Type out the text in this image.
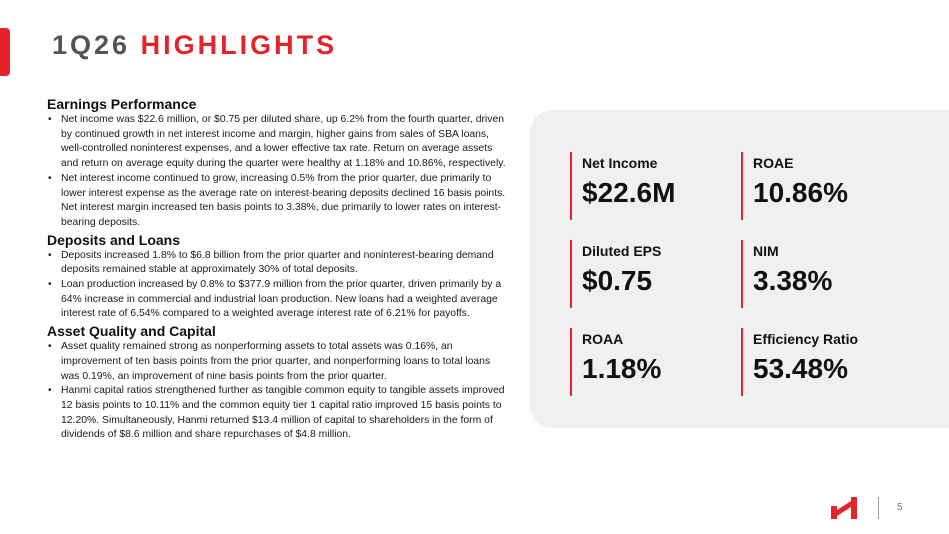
1Q26 HIGHLIGHTS
Earnings Performance
• Net income was $22.6 million, or $0.75 per diluted share, up 6.2% from the fourth quarter, driven by continued growth in net interest income and margin, higher gains from sales of SBA loans, well-controlled noninterest expenses, and a lower effective tax rate. Return on average assets and return on average equity during the quarter were healthy at 1.18% and 10.86%, respectively.
• Net interest income continued to grow, increasing 0.5% from the prior quarter, due primarily to lower interest expense as the average rate on interest-bearing deposits declined 16 basis points. Net interest margin increased ten basis points to 3.38%, due primarily to lower rates on interest-bearing deposits.
Deposits and Loans
• Deposits increased 1.8% to $6.8 billion from the prior quarter and noninterest-bearing demand deposits remained stable at approximately 30% of total deposits.
• Loan production increased by 0.8% to $377.9 million from the prior quarter, driven primarily by a 64% increase in commercial and industrial loan production. New loans had a weighted average interest rate of 6.54% compared to a weighted average interest rate of 6.21% for payoffs.
Asset Quality and Capital
• Asset quality remained strong as nonperforming assets to total assets was 0.16%, an improvement of ten basis points from the prior quarter, and nonperforming loans to total loans was 0.19%, an improvement of nine basis points from the prior quarter.
• Hanmi capital ratios strengthened further as tangible common equity to tangible assets improved 12 basis points to 10.11% and the common equity tier 1 capital ratio improved 15 basis points to 12.20%. Simultaneously, Hanmi returned $13.4 million of capital to shareholders in the form of dividends of $8.6 million and share repurchases of $4.8 million.
Net Income
$22.6M
ROAE
10.86%
Diluted EPS
$0.75
NIM
3.38%
ROAA
1.18%
Efficiency Ratio
53.48%
5
